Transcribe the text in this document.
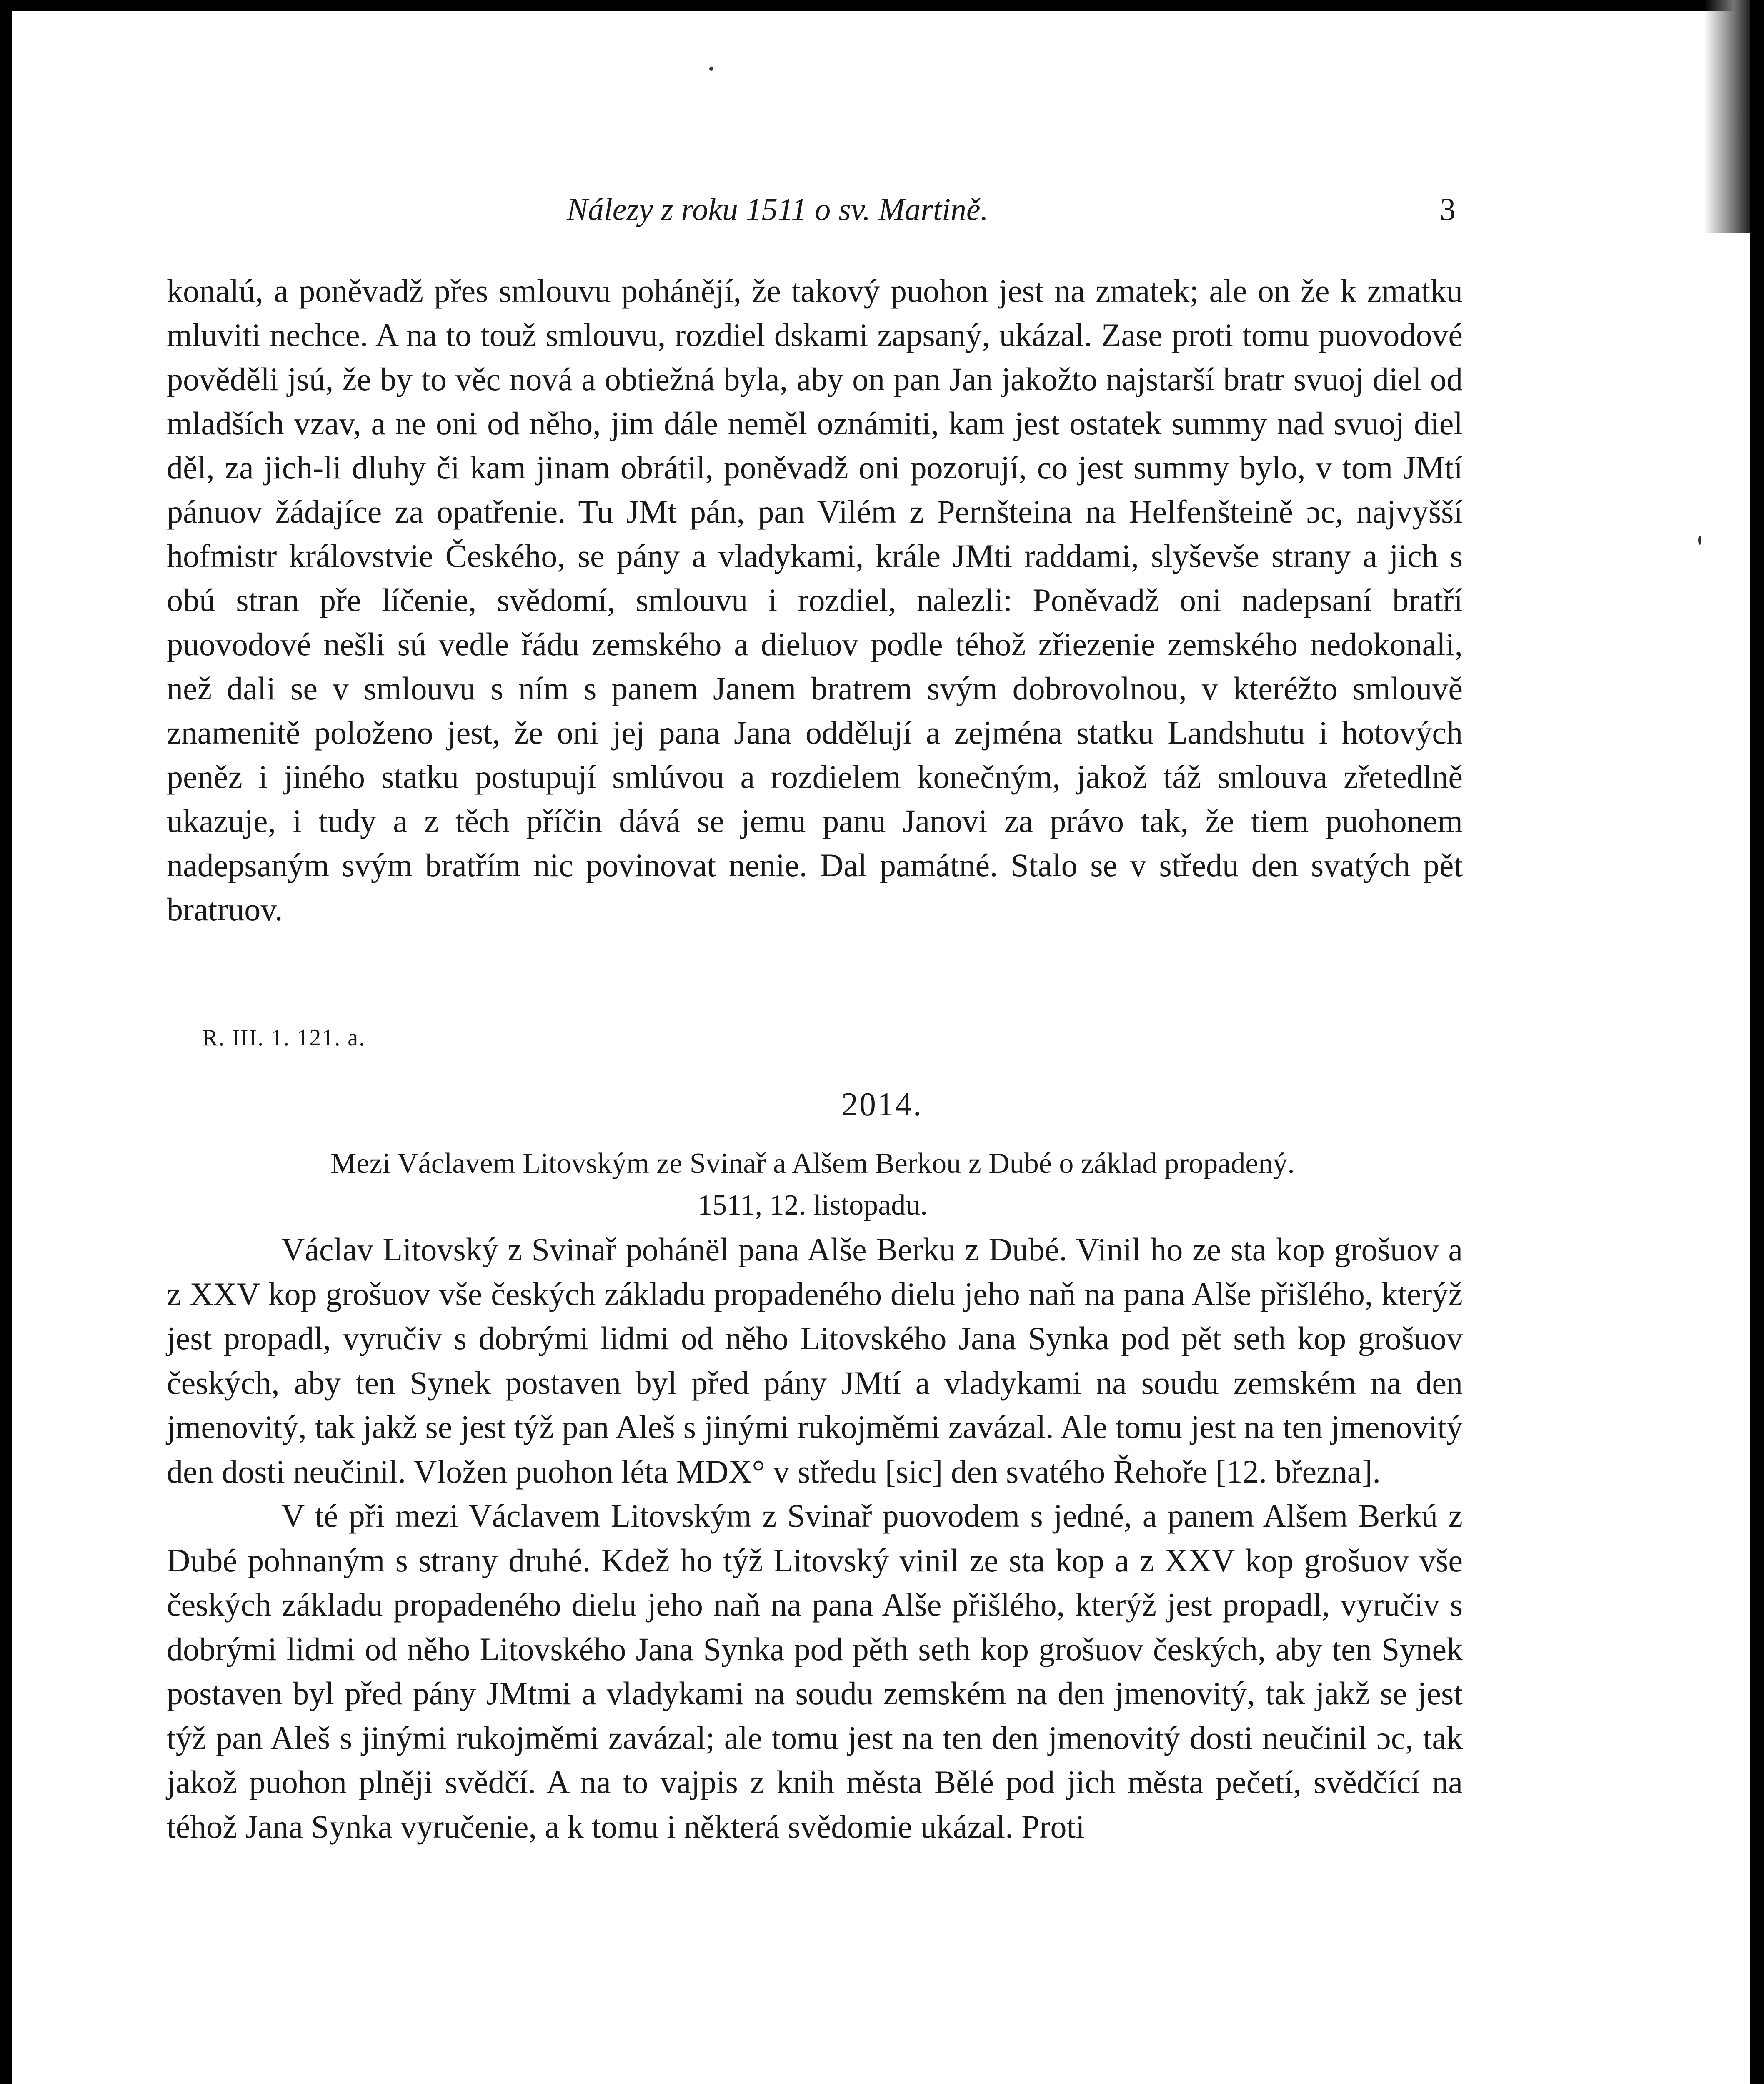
Nálezy z roku 1511 o sv. Martině.	3

konalú, a poněvadž přes smlouvu pohánějí, že takový puohon jest na zmatek; ale on že k zmatku mluviti nechce. A na to touž smlouvu, rozdiel dskami zapsaný, ukázal. Zase proti tomu puovodové pověděli jsú, že by to věc nová a obtiežná byla, aby on pan Jan jakožto najstarší bratr svuoj diel od mladších vzav, a ne oni od něho, jim dále neměl oznámiti, kam jest ostatek summy nad svuoj diel děl, za jich-li dluhy či kam jinam obrátil, poněvadž oni pozorují, co jest summy bylo, v tom JMtí pánuov žádajíce za opatřenie. Tu JMt pán, pan Vilém z Pernšteina na Helfenšteině ɔc, najvyšší hofmistr královstvie Českého, se pány a vladykami, krále JMti raddami, slyševše strany a jich s obú stran pře líčenie, svědomí, smlouvu i rozdiel, nalezli: Poněvadž oni nadepsaní bratří puovodové nešli sú vedle řádu zemského a dieluov podle téhož zřiezenie zemského nedokonali, než dali se v smlouvu s ním s panem Janem bratrem svým dobrovolnou, v kteréžto smlouvě znamenitě položeno jest, že oni jej pana Jana oddělují a zejména statku Landshutu i hotových peněz i jiného statku postupují smlúvou a rozdielem konečným, jakož táž smlouva zřetedlně ukazuje, i tudy a z těch příčin dává se jemu panu Janovi za právo tak, že tiem puohonem nadepsaným svým bratřím nic povinovat nenie. Dal památné. Stalo se v středu den svatých pět bratruov.

R. III. 1. 121. a.
2014.
Mezi Václavem Litovským ze Svinař a Alšem Berkou z Dubé o základ propadený.
1511, 12. listopadu.

Václav Litovský z Svinař pohánël pana Alše Berku z Dubé. Vinil ho ze sta kop grošuov a z XXV kop grošuov vše českých základu propadeného dielu jeho naň na pana Alše přišlého, kterýž jest propadl, vyručiv s dobrými lidmi od něho Litovského Jana Synka pod pět seth kop grošuov českých, aby ten Synek postaven byl před pány JMtí a vladykami na soudu zemském na den jmenovitý, tak jakž se jest týž pan Aleš s jinými rukojměmi zavázal. Ale tomu jest na ten jmenovitý den dosti neučinil. Vložen puohon léta MDX° v středu [sic] den svatého Řehoře [12. března].

V té při mezi Václavem Litovským z Svinař puovodem s jedné, a panem Alšem Berkú z Dubé pohnaným s strany druhé. Kdež ho týž Litovský vinil ze sta kop a z XXV kop grošuov vše českých základu propadeného dielu jeho naň na pana Alše přišlého, kterýž jest propadl, vyručiv s dobrými lidmi od něho Litovského Jana Synka pod pěth seth kop grošuov českých, aby ten Synek postaven byl před pány JMtmi a vladykami na soudu zemském na den jmenovitý, tak jakž se jest týž pan Aleš s jinými rukojměmi zavázal; ale tomu jest na ten den jmenovitý dosti neučinil ɔc, tak jakož puohon plněji svědčí. A na to vajpis z knih města Bělé pod jich města pečetí, svědčící na téhož Jana Synka vyručenie, a k tomu i některá svědomie ukázal. Proti
